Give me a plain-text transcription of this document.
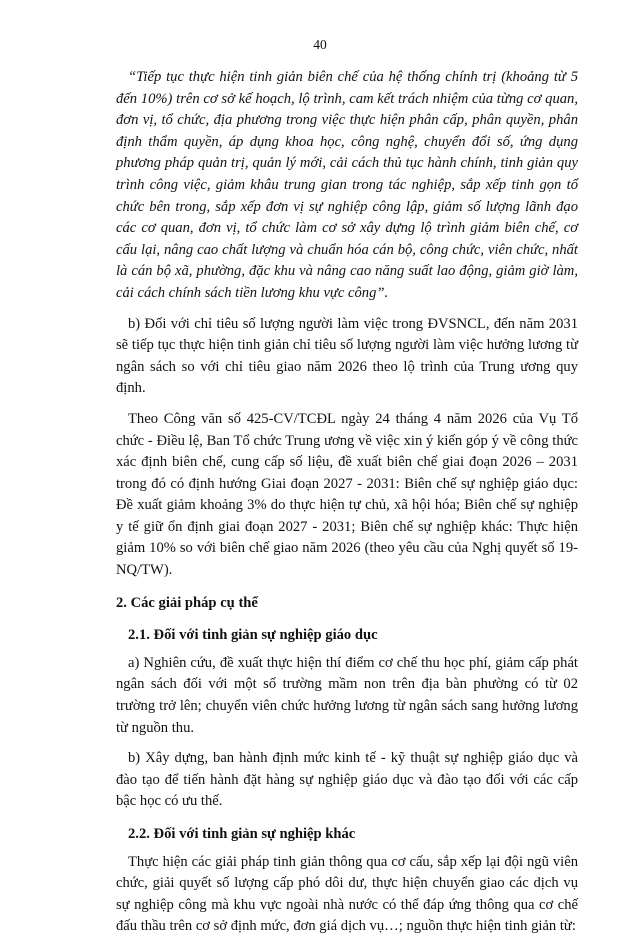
40

“Tiếp tục thực hiện tinh giản biên chế của hệ thống chính trị (khoảng từ 5 đến 10%) trên cơ sở kế hoạch, lộ trình, cam kết trách nhiệm của từng cơ quan, đơn vị, tổ chức, địa phương trong việc thực hiện phân cấp, phân quyền, phân định thẩm quyền, áp dụng khoa học, công nghệ, chuyển đổi số, ứng dụng phương pháp quản trị, quản lý mới, cải cách thủ tục hành chính, tinh giản quy trình công việc, giảm khâu trung gian trong tác nghiệp, sắp xếp tinh gọn tổ chức bên trong, sắp xếp đơn vị sự nghiệp công lập, giảm số lượng lãnh đạo các cơ quan, đơn vị, tổ chức làm cơ sở xây dựng lộ trình giảm biên chế, cơ cấu lại, nâng cao chất lượng và chuẩn hóa cán bộ, công chức, viên chức, nhất là cán bộ xã, phường, đặc khu và nâng cao năng suất lao động, giảm giờ làm, cải cách chính sách tiền lương khu vực công”.

b) Đối với chỉ tiêu số lượng người làm việc trong ĐVSNCL, đến năm 2031 sẽ tiếp tục thực hiện tinh giản chỉ tiêu số lượng người làm việc hưởng lương từ ngân sách so với chỉ tiêu giao năm 2026 theo lộ trình của Trung ương quy định.

Theo Công văn số 425-CV/TCĐL ngày 24 tháng 4 năm 2026 của Vụ Tổ chức - Điều lệ, Ban Tổ chức Trung ương về việc xin ý kiến góp ý về công thức xác định biên chế, cung cấp số liệu, đề xuất biên chế giai đoạn 2026 – 2031 trong đó có định hướng Giai đoạn 2027 - 2031: Biên chế sự nghiệp giáo dục: Đề xuất giảm khoảng 3% do thực hiện tự chủ, xã hội hóa; Biên chế sự nghiệp y tế giữ ổn định giai đoạn 2027 - 2031; Biên chế sự nghiệp khác: Thực hiện giảm 10% so với biên chế giao năm 2026 (theo yêu cầu của Nghị quyết số 19-NQ/TW).

2. Các giải pháp cụ thể
2.1. Đối với tinh giản sự nghiệp giáo dục

a) Nghiên cứu, đề xuất thực hiện thí điểm cơ chế thu học phí, giảm cấp phát ngân sách đối với một số trường mầm non trên địa bàn phường có từ 02 trường trở lên; chuyển viên chức hưởng lương từ ngân sách sang hưởng lương từ nguồn thu.

b) Xây dựng, ban hành định mức kinh tế - kỹ thuật sự nghiệp giáo dục và đào tạo để tiến hành đặt hàng sự nghiệp giáo dục và đào tạo đối với các cấp bậc học có ưu thế.

2.2. Đối với tinh giản sự nghiệp khác

Thực hiện các giải pháp tinh giản thông qua cơ cấu, sắp xếp lại đội ngũ viên chức, giải quyết số lượng cấp phó dôi dư, thực hiện chuyển giao các dịch vụ sự nghiệp công mà khu vực ngoài nhà nước có thể đáp ứng thông qua cơ chế đấu thầu trên cơ sở định mức, đơn giá dịch vụ…; nguồn thực hiện tinh giản từ:
